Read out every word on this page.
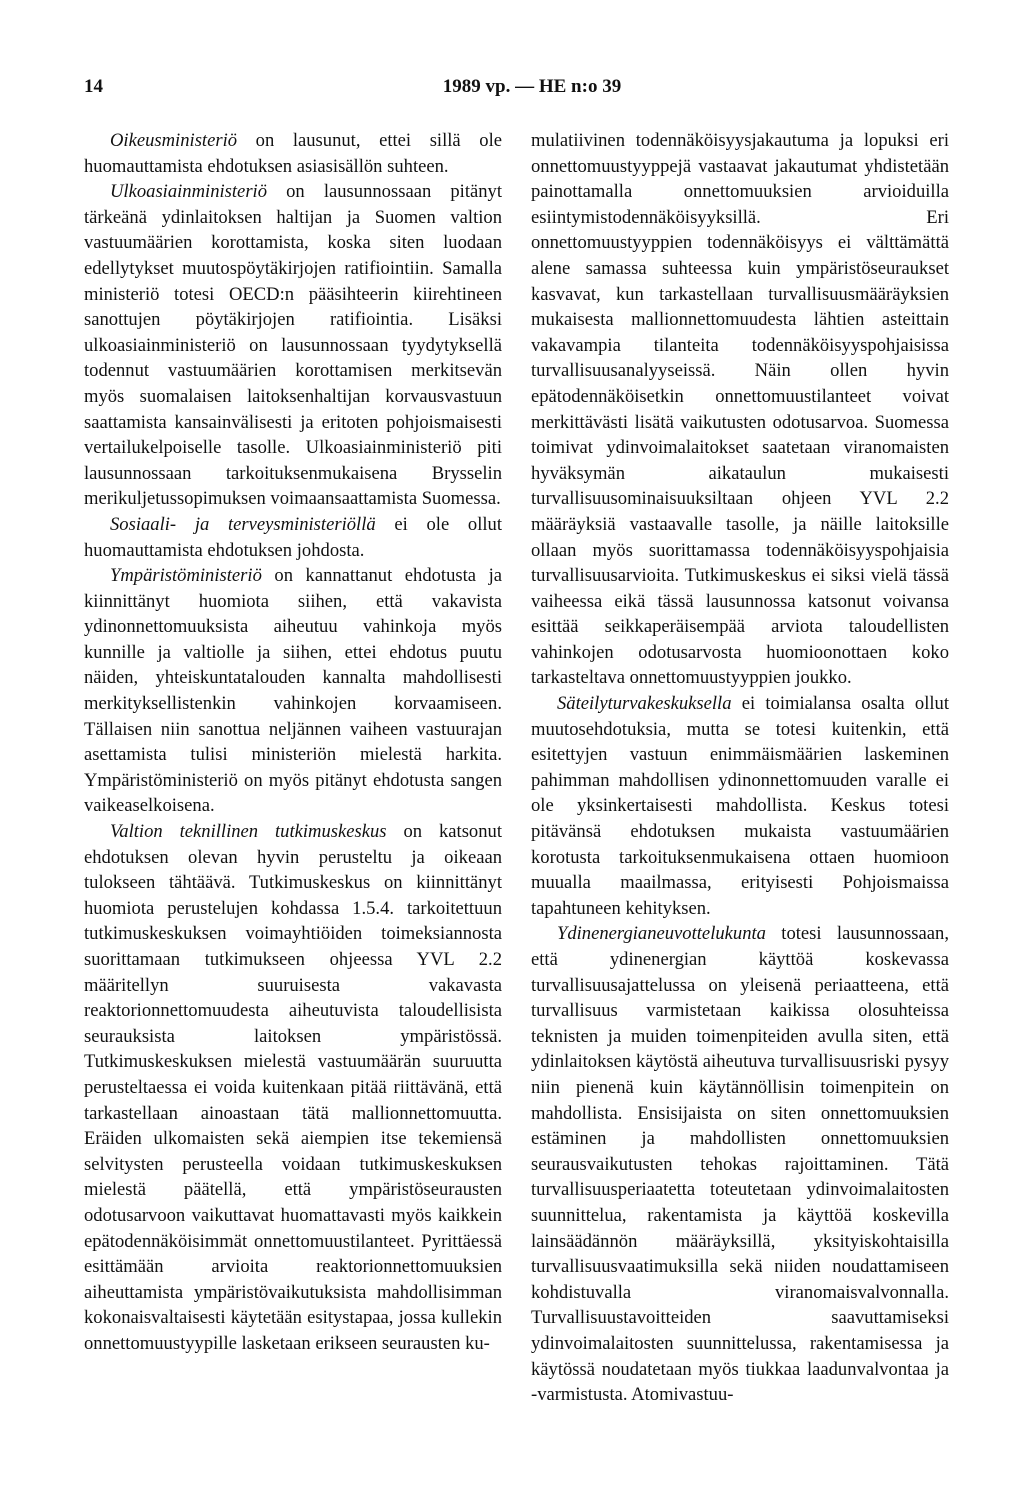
14	1989 vp. — HE n:o 39

Oikeusministeriö on lausunut, ettei sillä ole huomauttamista ehdotuksen asiasisällön suhteen.

Ulkoasiainministeriö on lausunnossaan pitänyt tärkeänä ydinlaitoksen haltijan ja Suomen valtion vastuumäärien korottamista, koska siten luodaan edellytykset muutospöytäkirjojen ratifiointiin. Samalla ministeriö totesi OECD:n pääsihteerin kiirehtineen sanottujen pöytäkirjojen ratifiointia. Lisäksi ulkoasiainministeriö on lausunnossaan tyydytyksellä todennut vastuumäärien korottamisen merkitsevän myös suomalaisen laitoksenhaltijan korvausvastuun saattamista kansainvälisesti ja eritoten pohjoismaisesti vertailukelpoiselle tasolle. Ulkoasiainministeriö piti lausunnossaan tarkoituksenmukaisena Brysselin merikuljetussopimuksen voimaansaattamista Suomessa.

Sosiaali- ja terveysministeriöllä ei ole ollut huomauttamista ehdotuksen johdosta.

Ympäristöministeriö on kannattanut ehdotusta ja kiinnittänyt huomiota siihen, että vakavista ydinonnettomuuksista aiheutuu vahinkoja myös kunnille ja valtiolle ja siihen, ettei ehdotus puutu näiden, yhteiskuntatalouden kannalta mahdollisesti merkityksellistenkin vahinkojen korvaamiseen. Tällaisen niin sanottua neljännen vaiheen vastuurajan asettamista tulisi ministeriön mielestä harkita. Ympäristöministeriö on myös pitänyt ehdotusta sangen vaikeaselkoisena.

Valtion teknillinen tutkimuskeskus on katsonut ehdotuksen olevan hyvin perusteltu ja oikeaan tulokseen tähtäävä. Tutkimuskeskus on kiinnittänyt huomiota perustelujen kohdassa 1.5.4. tarkoitettuun tutkimuskeskuksen voimayhtiöiden toimeksiannosta suorittamaan tutkimukseen ohjeessa YVL 2.2 määritellyn suuruisesta vakavasta reaktorionnettomuudesta aiheutuvista taloudellisista seurauksista laitoksen ympäristössä. Tutkimuskeskuksen mielestä vastuumäärän suuruutta perusteltaessa ei voida kuitenkaan pitää riittävänä, että tarkastellaan ainoastaan tätä mallionnettomuutta. Eräiden ulkomaisten sekä aiempien itse tekemiensä selvitysten perusteella voidaan tutkimuskeskuksen mielestä päätellä, että ympäristöseurausten odotusarvoon vaikuttavat huomattavasti myös kaikkein epätodennäköisimmät onnettomuustilanteet. Pyrittäessä esittämään arvioita reaktorionnettomuuksien aiheuttamista ympäristövaikutuksista mahdollisimman kokonaisvaltaisesti käytetään esitystapaa, jossa kullekin onnettomuustyypille lasketaan erikseen seurausten ku-

mulatiivinen todennäköisyysjakautuma ja lopuksi eri onnettomuustyyppejä vastaavat jakautumat yhdistetään painottamalla onnettomuuksien arvioiduilla esiintymistodennäköisyyksillä. Eri onnettomuustyyppien todennäköisyys ei välttämättä alene samassa suhteessa kuin ympäristöseuraukset kasvavat, kun tarkastellaan turvallisuusmääräyksien mukaisesta mallionnettomuudesta lähtien asteittain vakavampia tilanteita todennäköisyyspohjaisissa turvallisuusanalyyseissä. Näin ollen hyvin epätodennäköisetkin onnettomuustilanteet voivat merkittävästi lisätä vaikutusten odotusarvoa. Suomessa toimivat ydinvoimalaitokset saatetaan viranomaisten hyväksymän aikataulun mukaisesti turvallisuusominaisuuksiltaan ohjeen YVL 2.2 määräyksiä vastaavalle tasolle, ja näille laitoksille ollaan myös suorittamassa todennäköisyyspohjaisia turvallisuusarvioita. Tutkimuskeskus ei siksi vielä tässä vaiheessa eikä tässä lausunnossa katsonut voivansa esittää seikkaperäisempää arviota taloudellisten vahinkojen odotusarvosta huomioonottaen koko tarkasteltava onnettomuustyyppien joukko.

Säteilyturvakeskuksella ei toimialansa osalta ollut muutosehdotuksia, mutta se totesi kuitenkin, että esitettyjen vastuun enimmäismäärien laskeminen pahimman mahdollisen ydinonnettomuuden varalle ei ole yksinkertaisesti mahdollista. Keskus totesi pitävänsä ehdotuksen mukaista vastuumäärien korotusta tarkoituksenmukaisena ottaen huomioon muualla maailmassa, erityisesti Pohjoismaissa tapahtuneen kehityksen.

Ydinenergianeuvottelukunta totesi lausunnossaan, että ydinenergian käyttöä koskevassa turvallisuusajattelussa on yleisenä periaatteena, että turvallisuus varmistetaan kaikissa olosuhteissa teknisten ja muiden toimenpiteiden avulla siten, että ydinlaitoksen käytöstä aiheutuva turvallisuusriski pysyy niin pienenä kuin käytännöllisin toimenpitein on mahdollista. Ensisijaista on siten onnettomuuksien estäminen ja mahdollisten onnettomuuksien seurausvaikutusten tehokas rajoittaminen. Tätä turvallisuusperiaatetta toteutetaan ydinvoimalaitosten suunnittelua, rakentamista ja käyttöä koskevilla lainsäädännön määräyksillä, yksityiskohtaisilla turvallisuusvaatimuksilla sekä niiden noudattamiseen kohdistuvalla viranomaisvalvonnalla. Turvallisuustavoitteiden saavuttamiseksi ydinvoimalaitosten suunnittelussa, rakentamisessa ja käytössä noudatetaan myös tiukkaa laadunvalvontaa ja -varmistusta. Atomivastuu-
